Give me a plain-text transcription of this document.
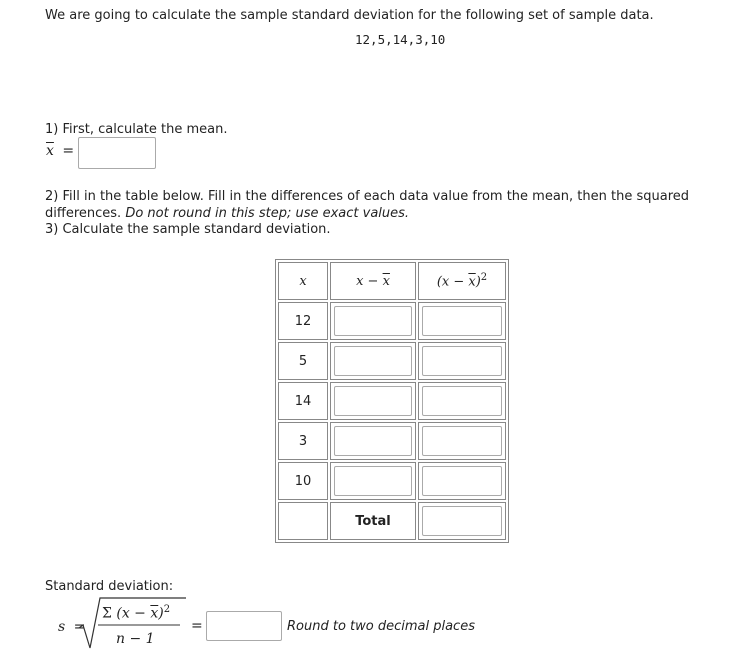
We are going to calculate the sample standard deviation for the following set of sample data.
12,5,14,3,10
1) First, calculate the mean.
$\overline{x}$ =
2) Fill in the table below. Fill in the differences of each data value from the mean, then the squared differences. Do not round in this step; use exact values.
3) Calculate the sample standard deviation.
x	$x - \overline{x}$	$(x - \overline{x})^2$
12	

5	

14	

3	

10	

	Total	
Standard deviation:
s =
Σ $(x - \overline{x})^2$
n − 1
=	Round to two decimal places
